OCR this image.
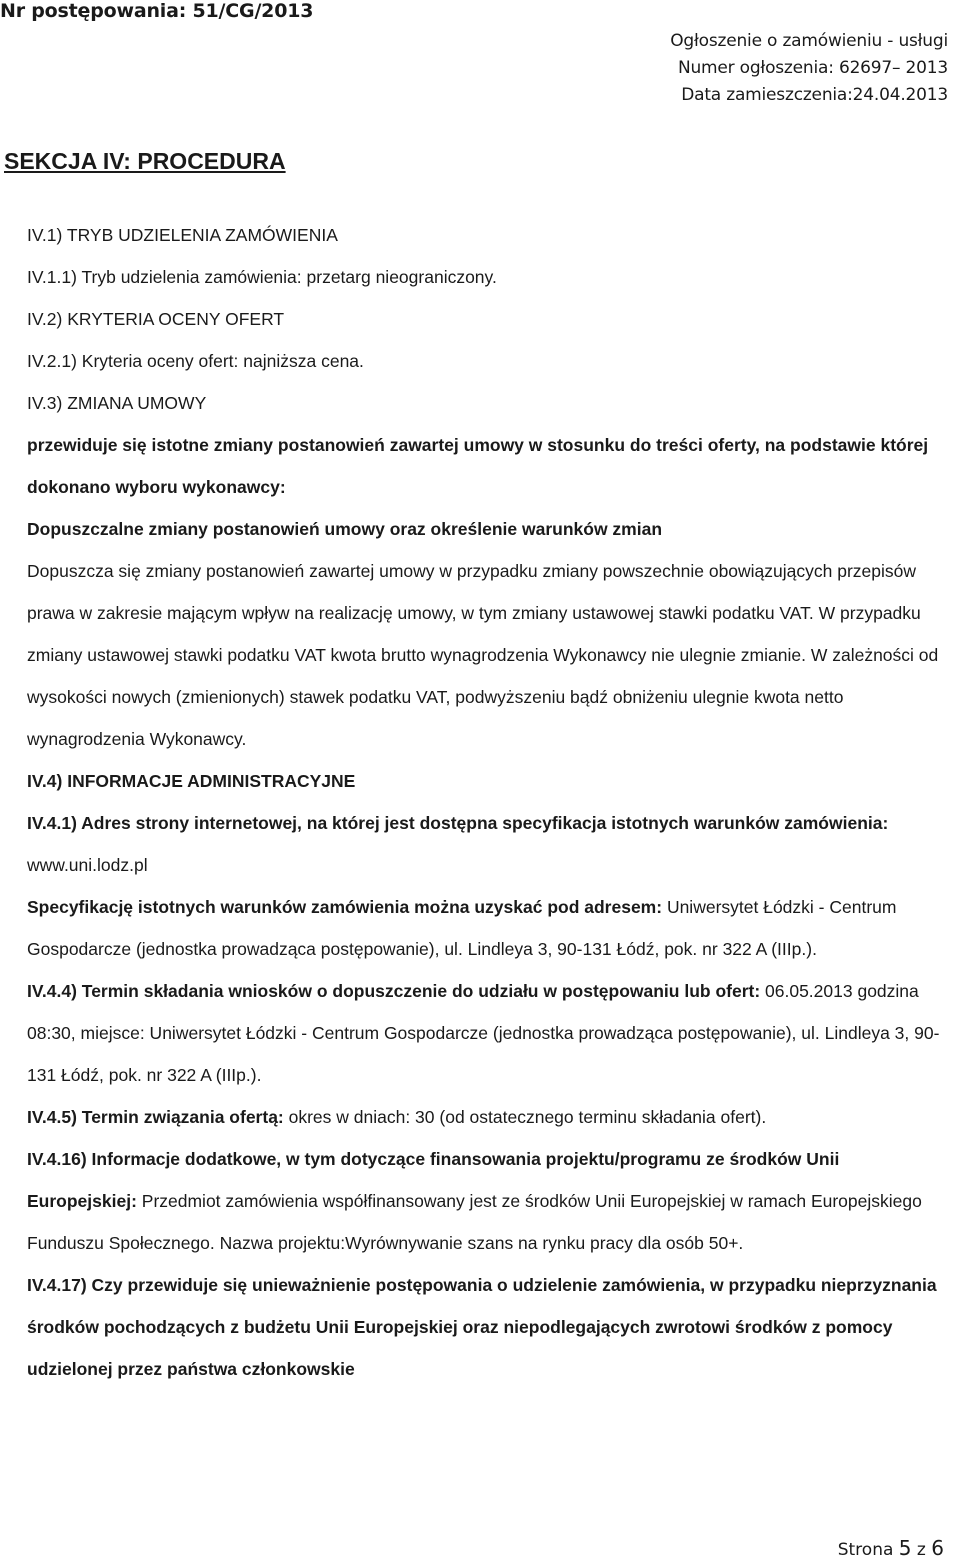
Nr postępowania: 51/CG/2013
Ogłoszenie o zamówieniu - usługi
Numer ogłoszenia: 62697– 2013
Data zamieszczenia:24.04.2013
SEKCJA IV: PROCEDURA

IV.1) TRYB UDZIELENIA ZAMÓWIENIA

IV.1.1) Tryb udzielenia zamówienia: przetarg nieograniczony.

IV.2) KRYTERIA OCENY OFERT

IV.2.1) Kryteria oceny ofert: najniższa cena.

IV.3) ZMIANA UMOWY

przewiduje się istotne zmiany postanowień zawartej umowy w stosunku do treści oferty, na podstawie której dokonano wyboru wykonawcy:

Dopuszczalne zmiany postanowień umowy oraz określenie warunków zmian

Dopuszcza się zmiany postanowień zawartej umowy w przypadku zmiany powszechnie obowiązujących przepisów prawa w zakresie mającym wpływ na realizację umowy, w tym zmiany ustawowej stawki podatku VAT. W przypadku zmiany ustawowej stawki podatku VAT kwota brutto wynagrodzenia Wykonawcy nie ulegnie zmianie. W zależności od wysokości nowych (zmienionych) stawek podatku VAT, podwyższeniu bądź obniżeniu ulegnie kwota netto wynagrodzenia Wykonawcy.

IV.4) INFORMACJE ADMINISTRACYJNE

IV.4.1) Adres strony internetowej, na której jest dostępna specyfikacja istotnych warunków zamówienia: www.uni.lodz.pl

Specyfikację istotnych warunków zamówienia można uzyskać pod adresem: Uniwersytet Łódzki - Centrum Gospodarcze (jednostka prowadząca postępowanie), ul. Lindleya 3, 90-131 Łódź, pok. nr 322 A (IIIp.).

IV.4.4) Termin składania wniosków o dopuszczenie do udziału w postępowaniu lub ofert: 06.05.2013 godzina 08:30, miejsce: Uniwersytet Łódzki - Centrum Gospodarcze (jednostka prowadząca postępowanie), ul. Lindleya 3, 90-131 Łódź, pok. nr 322 A (IIIp.).

IV.4.5) Termin związania ofertą: okres w dniach: 30 (od ostatecznego terminu składania ofert).

IV.4.16) Informacje dodatkowe, w tym dotyczące finansowania projektu/programu ze środków Unii Europejskiej: Przedmiot zamówienia współfinansowany jest ze środków Unii Europejskiej w ramach Europejskiego Funduszu Społecznego. Nazwa projektu:Wyrównywanie szans na rynku pracy dla osób 50+.

IV.4.17) Czy przewiduje się unieważnienie postępowania o udzielenie zamówienia, w przypadku nieprzyznania środków pochodzących z budżetu Unii Europejskiej oraz niepodlegających zwrotowi środków z pomocy udzielonej przez państwa członkowskie

Strona 5 z 6
